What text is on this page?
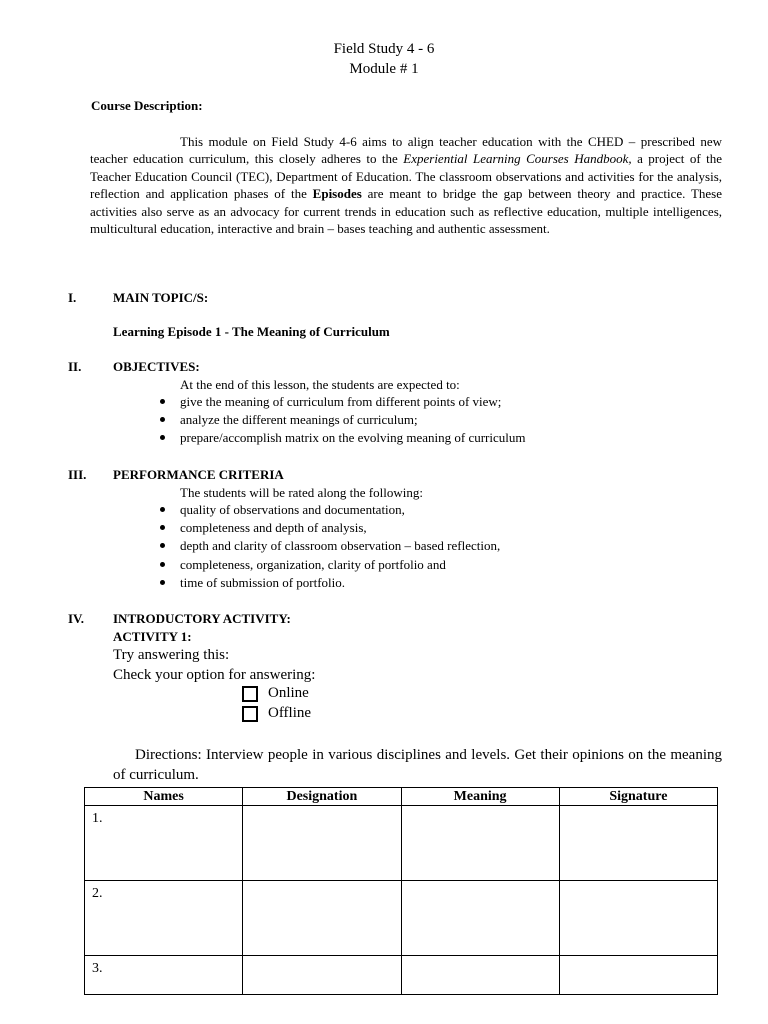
Field Study 4 - 6
Module # 1
Course Description:

This module on Field Study 4-6 aims to align teacher education with the CHED – prescribed new teacher education curriculum, this closely adheres to the Experiential Learning Courses Handbook, a project of the Teacher Education Council (TEC), Department of Education. The classroom observations and activities for the analysis, reflection and application phases of the Episodes are meant to bridge the gap between theory and practice. These activities also serve as an advocacy for current trends in education such as reflective education, multiple intelligences, multicultural education, interactive and brain – bases teaching and authentic assessment.

I.	MAIN TOPIC/S:
Learning Episode 1 - The Meaning of Curriculum
II. OBJECTIVES:
At the end of this lesson, the students are expected to:
give the meaning of curriculum from different points of view;
analyze the different meanings of curriculum;
prepare/accomplish matrix on the evolving meaning of curriculum
III. PERFORMANCE CRITERIA
The students will be rated along the following:
quality of observations and documentation,
completeness and depth of analysis,
depth and clarity of classroom observation – based reflection,
completeness, organization, clarity of portfolio and
time of submission of portfolio.
IV. INTRODUCTORY ACTIVITY:
ACTIVITY 1:
Try answering this:
Check your option for answering:
Online
Offline

Directions: Interview people in various disciplines and levels. Get their opinions on the meaning of curriculum.

Names	Designation	Meaning	Signature
1.			
2.			
3.			
